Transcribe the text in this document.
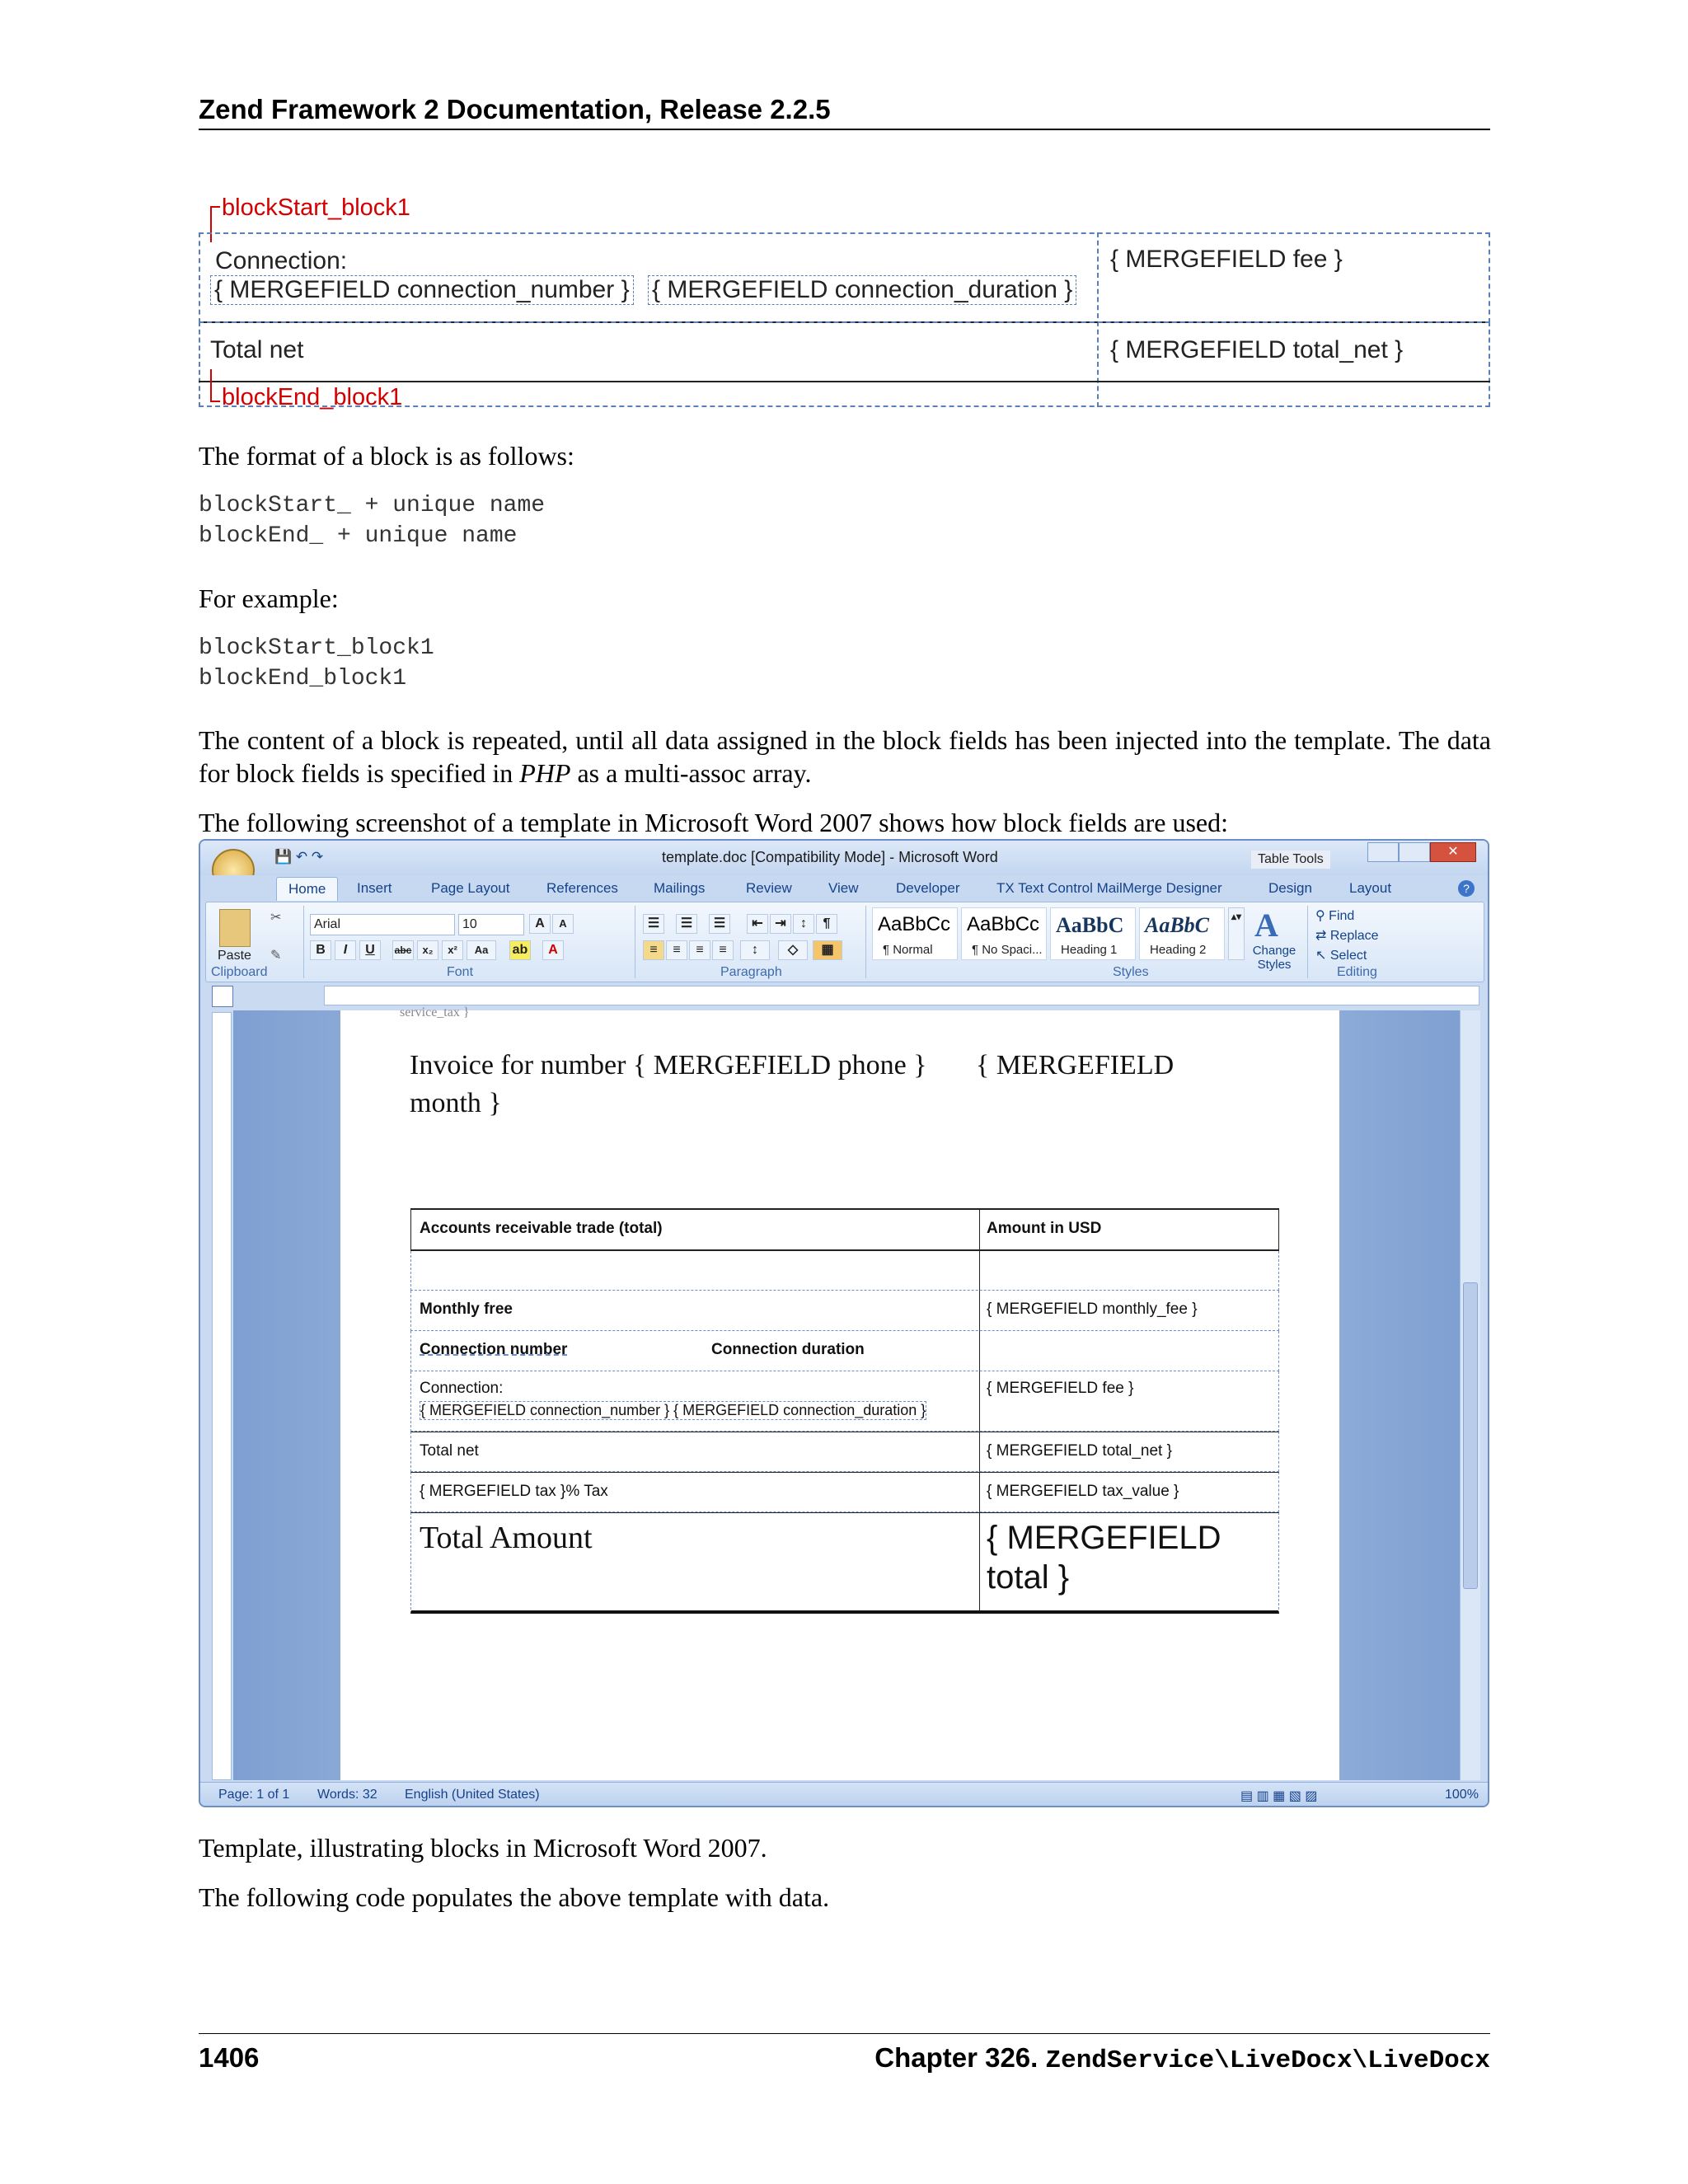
Zend Framework 2 Documentation, Release 2.2.5
blockStart_block1
Connection:
{ MERGEFIELD connection_number } { MERGEFIELD connection_duration }
{ MERGEFIELD fee }
Total net	{ MERGEFIELD total_net }
blockEnd_block1
The format of a block is as follows:
blockStart_ + unique name
blockEnd_ + unique name
For example:
blockStart_block1
blockEnd_block1
The content of a block is repeated, until all data assigned in the block fields has been injected into the template. The data for block fields is specified in PHP as a multi-assoc array.
The following screenshot of a template in Microsoft Word 2007 shows how block fields are used:
💾 ↶ ↷	template.doc [Compatibility Mode] - Microsoft Word	Table Tools
✕
Home	Insert	Page Layout	References	Mailings	Review	View	Developer	TX Text Control MailMerge Designer	Design	Layout	?
Paste
✂
✎
Clipboard
Arial	10	A	A
B	I	U	abc	x₂	x²	Aa	ab	A
Font
☰	☰	☰	⇤ ⇥	↕	¶
≡	≡	≡	≡	↕	◇	▦
Paragraph
AaBbCc
¶ Normal
AaBbCc
¶ No Spaci...
AaBbC
Heading 1
AaBbC
Heading 2
▴▾ A
Change Styles
Styles
⚲ Find
⇄ Replace
↖ Select
Editing
service_tax }
Invoice for number { MERGEFIELD phone }       { MERGEFIELD month }
Accounts receivable trade (total)	Amount in USD
Monthly free	{ MERGEFIELD monthly_fee }
Connection number	Connection duration
Connection:
{ MERGEFIELD connection_number } { MERGEFIELD connection_duration }
{ MERGEFIELD fee }
Total net	{ MERGEFIELD total_net }
{ MERGEFIELD tax }% Tax	{ MERGEFIELD tax_value }
Total Amount	{ MERGEFIELD total }
Page: 1 of 1 Words: 32 English (United States)	▤ ▥ ▦ ▧ ▨	100%
Template, illustrating blocks in Microsoft Word 2007.
The following code populates the above template with data.
1406	Chapter 326. ZendService\LiveDocx\LiveDocx
